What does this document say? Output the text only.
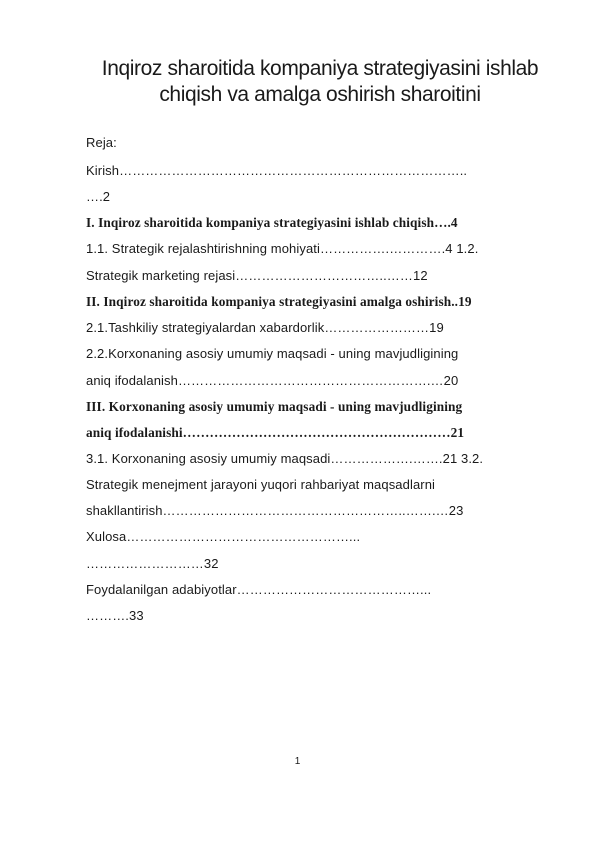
Inqiroz sharoitida kompaniya strategiyasini ishlab
chiqish va amalga oshirish sharoitini
Reja:
Kirish……………………………………………………………………..
….2
I. Inqiroz sharoitida kompaniya strategiyasini ishlab chiqish….4
1.1. Strategik rejalashtirishning mohiyati…………….………….4 1.2.
Strategik marketing rejasi……………………………..……12
II. Inqiroz sharoitida kompaniya strategiyasini amalga oshirish..19
2.1.Tashkiliy strategiyalardan xabardorlik……………………19
2.2.Korxonaning asosiy umumiy maqsadi - uning mavjudligining
aniq ifodalanish………………………………………………….…20
III. Korxonaning asosiy umumiy maqsadi - uning mavjudligining
aniq ifodalanishi……………………………………………………21
3.1. Korxonaning asosiy umumiy maqsadi……………….…….21 3.2.
Strategik menejment jarayoni yuqori rahbariyat maqsadlarni
shakllantirish………………………………………………..…….…23
Xulosa……………………………………………...
………………………32
Foydalanilgan adabiyotlar……………………………………...
……….33
1
